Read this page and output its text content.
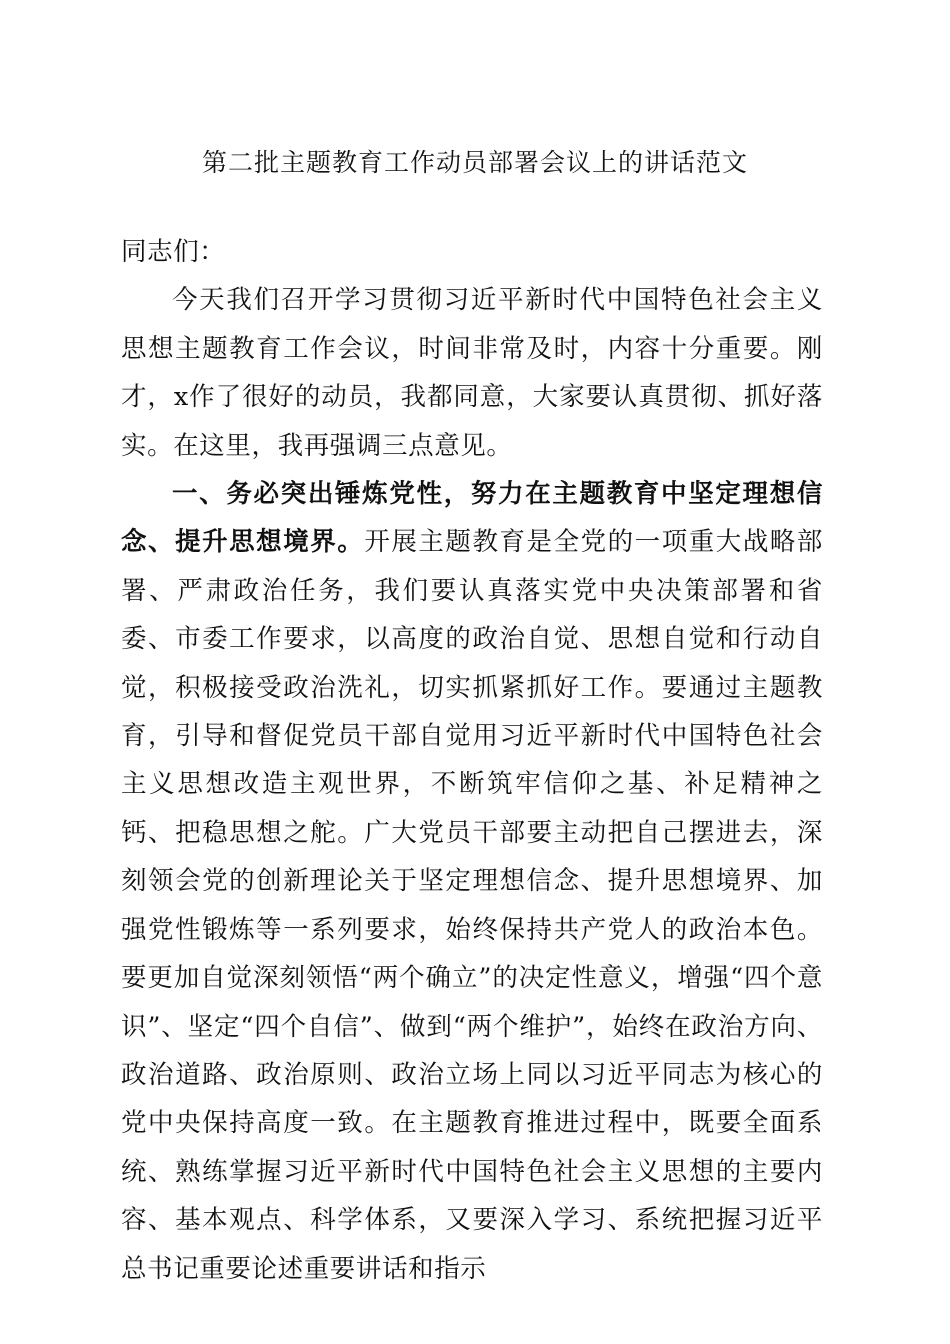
第二批主题教育工作动员部署会议上的讲话范文

同志们：

今天我们召开学习贯彻习近平新时代中国特色社会主义思想主题教育工作会议，时间非常及时，内容十分重要。刚才，x作了很好的动员，我都同意，大家要认真贯彻、抓好落实。在这里，我再强调三点意见。

一、务必突出锤炼党性，努力在主题教育中坚定理想信念、提升思想境界。开展主题教育是全党的一项重大战略部署、严肃政治任务，我们要认真落实党中央决策部署和省委、市委工作要求，以高度的政治自觉、思想自觉和行动自觉，积极接受政治洗礼，切实抓紧抓好工作。要通过主题教育，引导和督促党员干部自觉用习近平新时代中国特色社会主义思想改造主观世界，不断筑牢信仰之基、补足精神之钙、把稳思想之舵。广大党员干部要主动把自己摆进去，深刻领会党的创新理论关于坚定理想信念、提升思想境界、加强党性锻炼等一系列要求，始终保持共产党人的政治本色。要更加自觉深刻领悟“两个确立”的决定性意义，增强“四个意识”、坚定“四个自信”、做到“两个维护”，始终在政治方向、政治道路、政治原则、政治立场上同以习近平同志为核心的党中央保持高度一致。在主题教育推进过程中，既要全面系统、熟练掌握习近平新时代中国特色社会主义思想的主要内容、基本观点、科学体系，又要深入学习、系统把握习近平总书记重要论述重要讲话和指示
